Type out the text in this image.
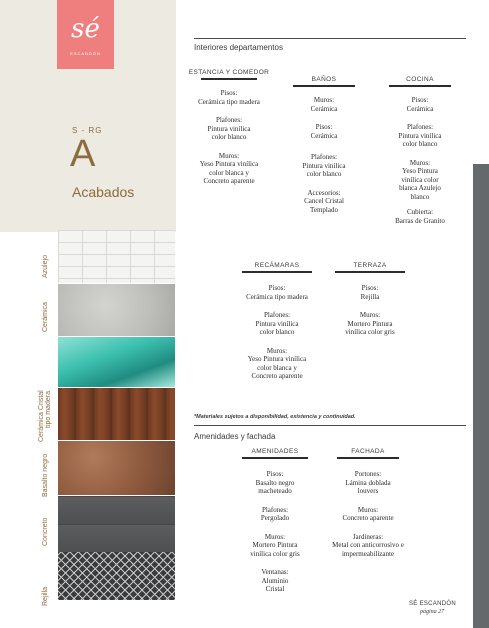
sé
ESCANDÓN
S - RG
A
Acabados
Azulejo
Cerámica
Cerámica Cristal tipo madera
Basalto negro
Concreto
Rejilla
Interiores departamentos
ESTANCIA Y COMEDOR
Pisos:
Cerámica tipo madera
Plafones:
Pintura vinílica color blanco
Muros:
Yeso Pintura vinílica color blanca y Concreto aparente
BAÑOS
Muros:
Cerámica
Pisos:
Cerámica
Plafones:
Pintura vinílica color blanco
Accesorios:
Cancel Cristal Templado
COCINA
Pisos:
Cerámica
Plafones:
Pintura vinílica color blanco
Muros:
Yeso Pintura vinílica color blanca Azulejo blanco
Cubierta:
Barras de Granito
RECÁMARAS
Pisos:
Cerámica tipo madera
Plafones:
Pintura vinílica color blanco
Muros:
Yeso Pintura vinílica color blanca y Concreto aparente
TERRAZA
Pisos:
Rejilla
Muros:
Mortero Pintura vinílica color gris
*Materiales sujetos a disponibilidad, existencia y continuidad.
Amenidades y fachada
AMENIDADES
Pisos:
Basalto negro macheteado
Plafones:
Pergolado
Muros:
Mortero Pintura vinílica color gris
Ventanas:
Aluminio Cristal
FACHADA
Portones:
Lámina doblada louvers
Muros:
Concreto aparente
Jardineras:
Metal con anticorrosivo e impermeabilizante
SÉ ESCANDÓN
página 27
